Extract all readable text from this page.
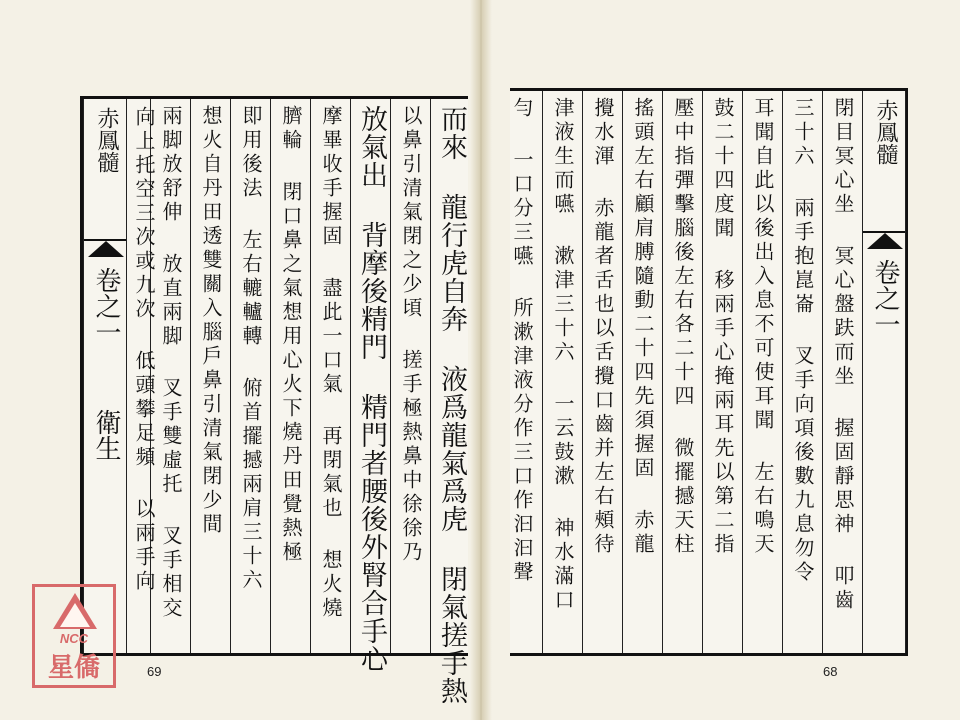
而來 龍行虎自奔 液爲龍氣爲虎 閉氣搓手熱
以鼻引清氣閉之少頃 搓手極熱鼻中徐徐乃
放氣出 背摩後精門 精門者腰後外腎合手心
摩畢收手握固 盡此一口氣 再閉氣也 想火燒
臍輪 閉口鼻之氣想用心火下燒丹田覺熱極
即用後法 左右轆轤轉 俯首擺撼兩肩三十六
想火自丹田透雙關入腦戶鼻引清氣閉少間
兩脚放舒伸 放直兩脚 叉手雙虛托 叉手相交
赤鳳髓
卷之一
衛生 向上托空三次或九次 低頭攀足頻 以兩手向	赤鳳髓
卷之一
閉目冥心坐 冥心盤趺而坐 握固靜思神 叩齒
三十六 兩手抱崑崙 叉手向項後數九息勿令
耳聞自此以後出入息不可使耳聞 左右鳴天
鼓二十四度聞 移兩手心掩兩耳先以第二指
壓中指彈擊腦後左右各二十四 微擺撼天柱
搖頭左右顧肩膊隨動二十四先須握固 赤龍
攪水渾 赤龍者舌也以舌攪口齒并左右頰待
津液生而嚥 漱津三十六 一云鼓漱 神水滿口
勻 一口分三嚥 所漱津液分作三口作汩汩聲
69	68
NCC
星僑
